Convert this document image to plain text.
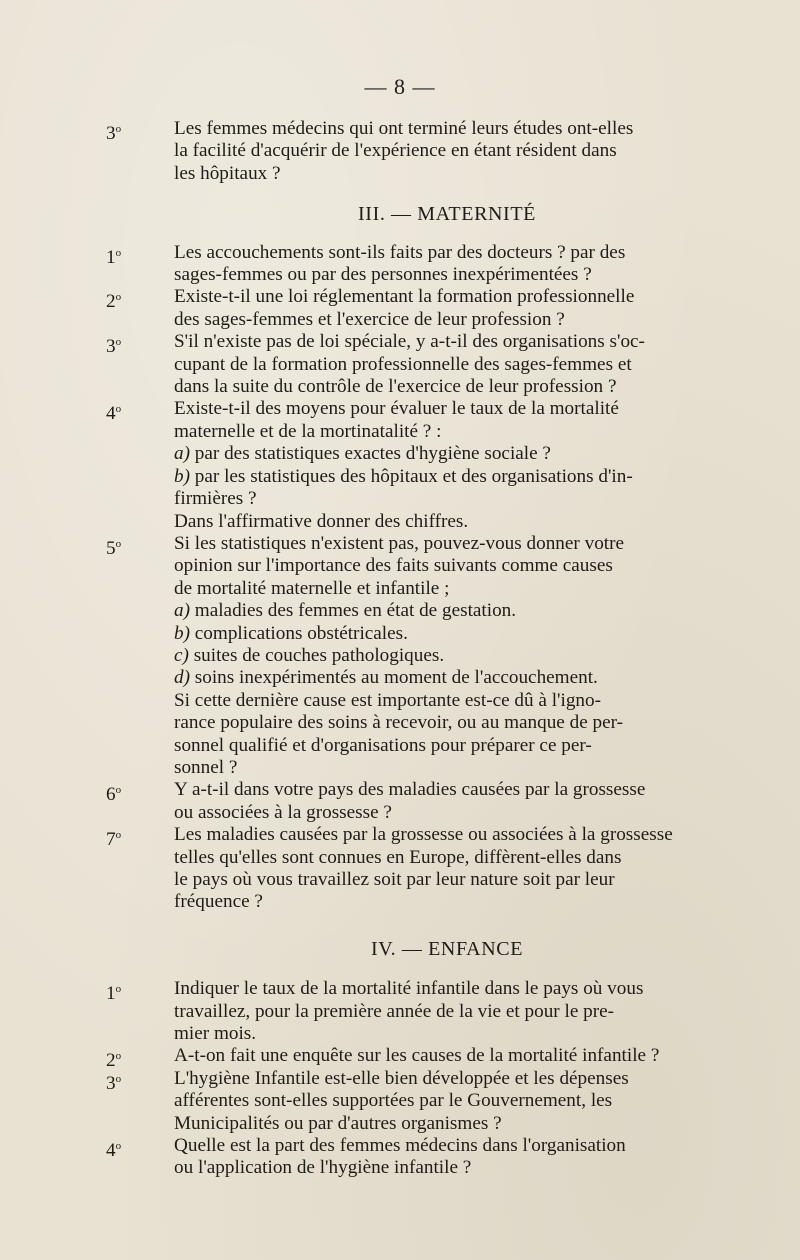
— 8 —
3$^o$	Les femmes médecins qui ont terminé leurs études ont-elles
la facilité d'acquérir de l'expérience en étant résident dans
les hôpitaux ?
III. — MATERNITÉ
1$^o$	Les accouchements sont-ils faits par des docteurs ? par des
sages-femmes ou par des personnes inexpérimentées ?
2$^o$	Existe-t-il une loi réglementant la formation professionnelle
des sages-femmes et l'exercice de leur profession ?
3$^o$	S'il n'existe pas de loi spéciale, y a-t-il des organisations s'oc-
cupant de la formation professionnelle des sages-femmes et
dans la suite du contrôle de l'exercice de leur profession ?
4$^o$	Existe-t-il des moyens pour évaluer le taux de la mortalité
maternelle et de la mortinatalité ? :
a) par des statistiques exactes d'hygiène sociale ?
b) par les statistiques des hôpitaux et des organisations d'in-
firmières ?
Dans l'affirmative donner des chiffres.
5$^o$	Si les statistiques n'existent pas, pouvez-vous donner votre
opinion sur l'importance des faits suivants comme causes
de mortalité maternelle et infantile ;
a) maladies des femmes en état de gestation.
b) complications obstétricales.
c) suites de couches pathologiques.
d) soins inexpérimentés au moment de l'accouchement.
Si cette dernière cause est importante est-ce dû à l'igno-
rance populaire des soins à recevoir, ou au manque de per-
sonnel qualifié et d'organisations pour préparer ce per-
sonnel ?
6$^o$	Y a-t-il dans votre pays des maladies causées par la grossesse
ou associées à la grossesse ?
7$^o$	Les maladies causées par la grossesse ou associées à la grossesse
telles qu'elles sont connues en Europe, diffèrent-elles dans
le pays où vous travaillez soit par leur nature soit par leur
fréquence ?
IV. — ENFANCE
1$^o$	Indiquer le taux de la mortalité infantile dans le pays où vous
travaillez, pour la première année de la vie et pour le pre-
mier mois.
2$^o$	A-t-on fait une enquête sur les causes de la mortalité infantile ?
3$^o$	L'hygiène Infantile est-elle bien développée et les dépenses
afférentes sont-elles supportées par le Gouvernement, les
Municipalités ou par d'autres organismes ?
4$^o$	Quelle est la part des femmes médecins dans l'organisation
ou l'application de l'hygiène infantile ?
